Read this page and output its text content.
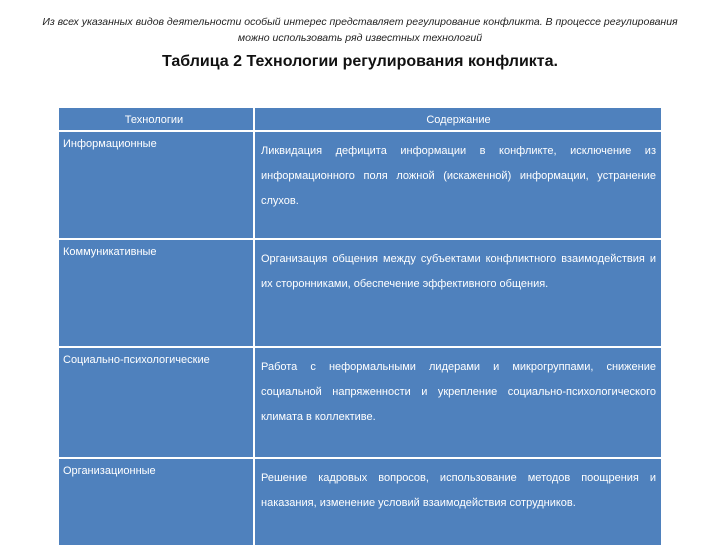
Из всех указанных видов деятельности особый интерес представляет регулирование конфликта. В процессе регулирования можно использовать ряд известных технологий
Таблица 2 Технологии регулирования конфликта.
Технологии	Содержание
Информационные
Ликвидация дефицита информации в конфликте, исключение из информационного поля ложной (искаженной) информации, устранение слухов.
Коммуникативные
Организация общения между субъектами конфликтного взаимодействия и их сторонниками, обеспечение эффективного общения.
Социально-психологические
Работа с неформальными лидерами и микрогруппами, снижение социальной напряженности и укрепление социально-психологического климата в коллективе.
Организационные
Решение кадровых вопросов, использование методов поощрения и наказания, изменение условий взаимодействия сотрудников.
